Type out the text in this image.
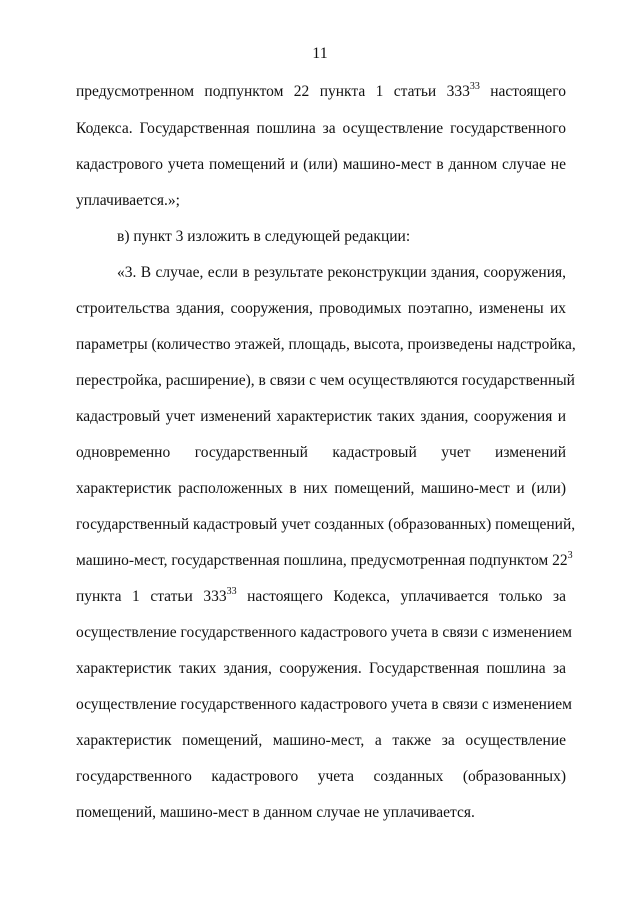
11
предусмотренном подпунктом 22 пункта 1 статьи $333^{33}$ настоящего
Кодекса. Государственная пошлина за осуществление государственного
кадастрового учета помещений и (или) машино-мест в данном случае не
уплачивается.»;
в) пункт 3 изложить в следующей редакции:
«3. В случае, если в результате реконструкции здания, сооружения,
строительства здания, сооружения, проводимых поэтапно, изменены их
параметры (количество этажей, площадь, высота, произведены надстройка,
перестройка, расширение), в связи с чем осуществляются государственный
кадастровый учет изменений характеристик таких здания, сооружения и
одновременно государственный кадастровый учет изменений
характеристик расположенных в них помещений, машино-мест и (или)
государственный кадастровый учет созданных (образованных) помещений,
машино-мест, государственная пошлина, предусмотренная подпунктом $22^3$
пункта 1 статьи $333^{33}$ настоящего Кодекса, уплачивается только за
осуществление государственного кадастрового учета в связи с изменением
характеристик таких здания, сооружения. Государственная пошлина за
осуществление государственного кадастрового учета в связи с изменением
характеристик помещений, машино-мест, а также за осуществление
государственного кадастрового учета созданных (образованных)
помещений, машино-мест в данном случае не уплачивается.
